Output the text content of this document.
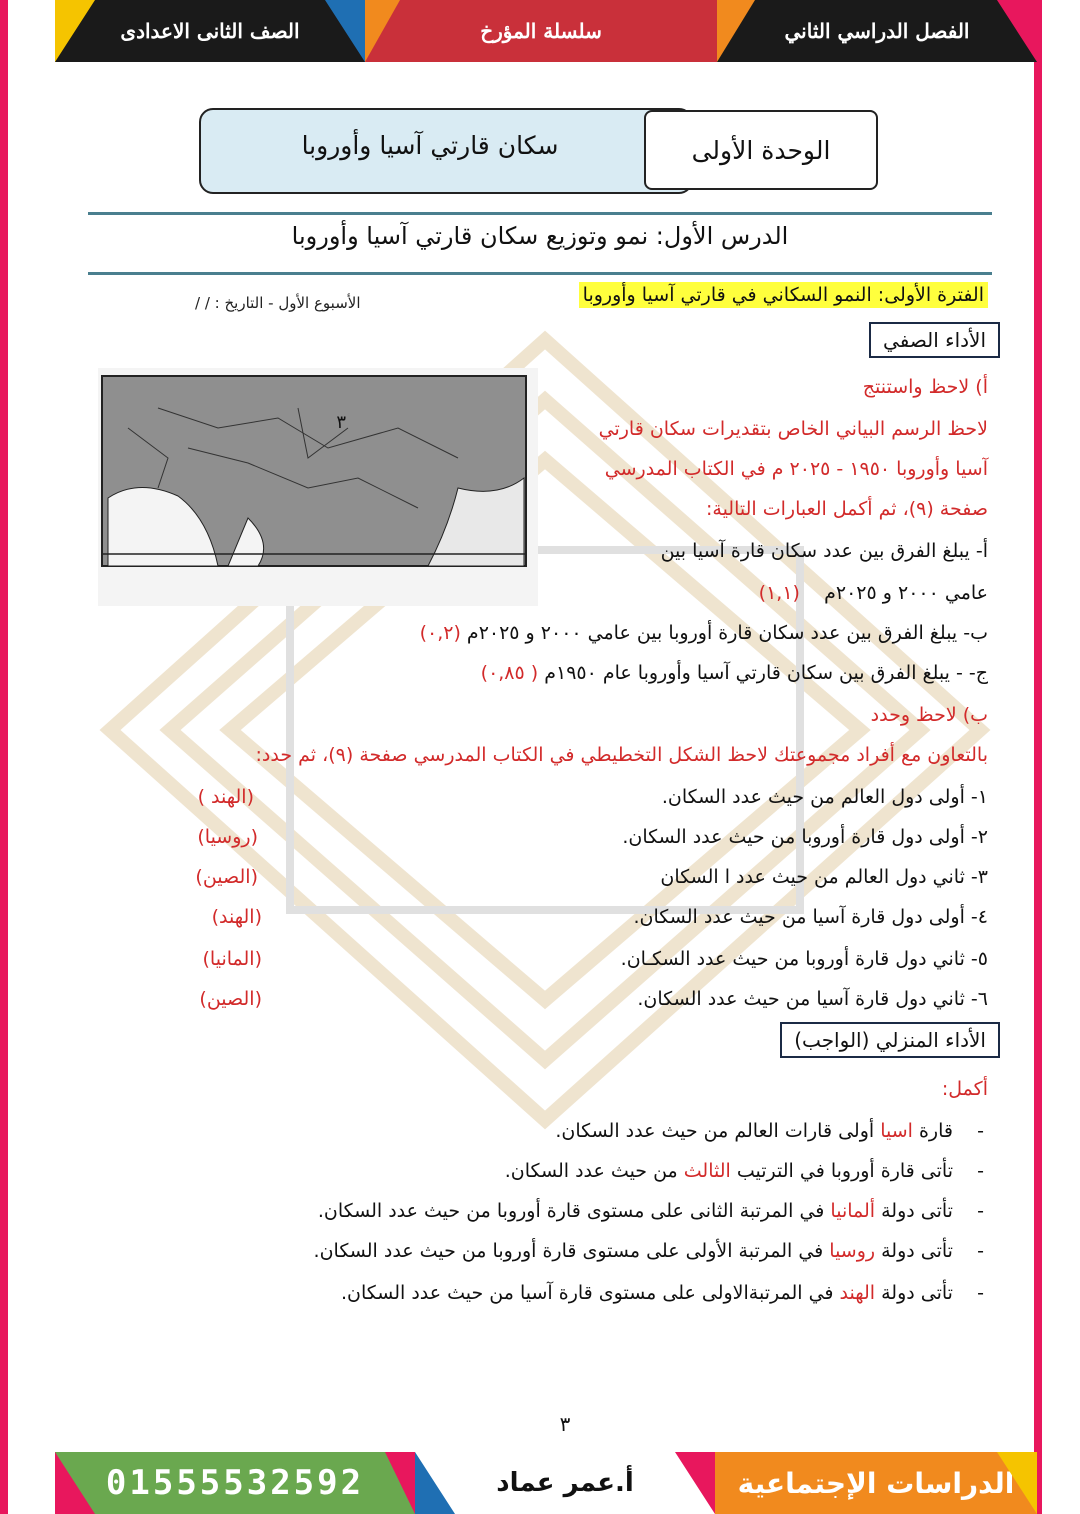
الصف الثانى الاعدادى	سلسلة المؤرخ	الفصل الدراسي الثاني
سكان قارتي آسيا وأوروبا	الوحدة الأولى
الدرس الأول: نمو وتوزيع سكان قارتي آسيا وأوروبا
الفترة الأولى: النمو السكاني في قارتي آسيا وأوروبا
الأسبوع الأول - التاريخ : / /
الأداء الصفي
٣
أ) لاحظ واستنتج
لاحظ الرسم البياني الخاص بتقديرات سكان قارتي
آسيا وأوروبا ١٩٥٠ - ٢٠٢٥ م في الكتاب المدرسي
صفحة (٩)، ثم أكمل العبارات التالية:
أ- يبلغ الفرق بين عدد سكان قارة آسيا بين
عامي ٢٠٠٠ و ٢٠٢٥م    (١,١)
ب- يبلغ الفرق بين عدد سكان قارة أوروبا بين عامي ٢٠٠٠ و ٢٠٢٥م (٠,٢)
ج- - يبلغ الفرق بين سكان قارتي آسيا وأوروبا عام ١٩٥٠م ( ٠,٨٥)
ب) لاحظ وحدد
بالتعاون مع أفراد مجموعتك لاحظ الشكل التخطيطي في الكتاب المدرسي صفحة (٩)، ثم حدد:
١- أولى دول العالم من حيث عدد السكان.
(الهند )
٢- أولى دول قارة أوروبا من حيث عدد السكان.
(روسيا)
٣- ثاني دول العالم من حيث عدد ا السكان
(الصين)
٤- أولى دول قارة آسيا من حيث عدد السكان.
(الهند)
٥- ثاني دول قارة أوروبا من حيث عدد السكـان.
(المانيا)
٦- ثاني دول قارة آسيا من حيث عدد السكان.
(الصين)
الأداء المنزلي (الواجب)
أكمل:
-    قارة اسيا أولى قارات العالم من حيث عدد السكان.
-    تأتى قارة أوروبا في الترتيب الثالث من حيث عدد السكان.
-    تأتى دولة ألمانيا في المرتبة الثانى على مستوى قارة أوروبا من حيث عدد السكان.
-    تأتى دولة روسيا في المرتبة الأولى على مستوى قارة أوروبا من حيث عدد السكان.
-    تأتى دولة الهند في المرتبةالاولى على مستوى قارة آسيا من حيث عدد السكان.
٣
01555532592	أ.عمر عماد	الدراسات الإجتماعية
